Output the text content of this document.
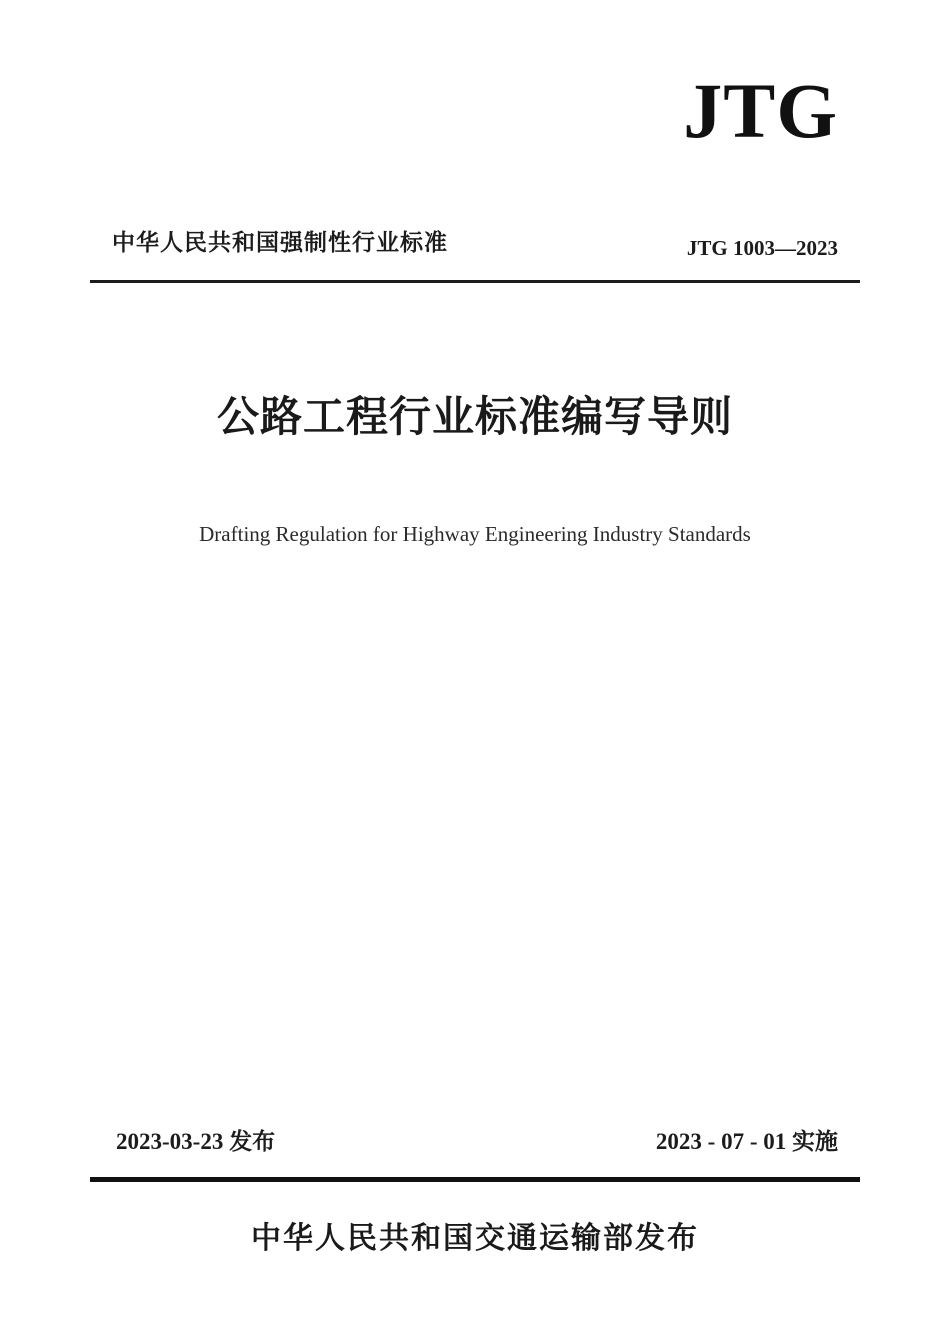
JTG
中华人民共和国强制性行业标准	JTG 1003—2023
公路工程行业标准编写导则
Drafting Regulation for Highway Engineering Industry Standards
2023-03-23 发布	2023 - 07 - 01 实施
中华人民共和国交通运输部发布
